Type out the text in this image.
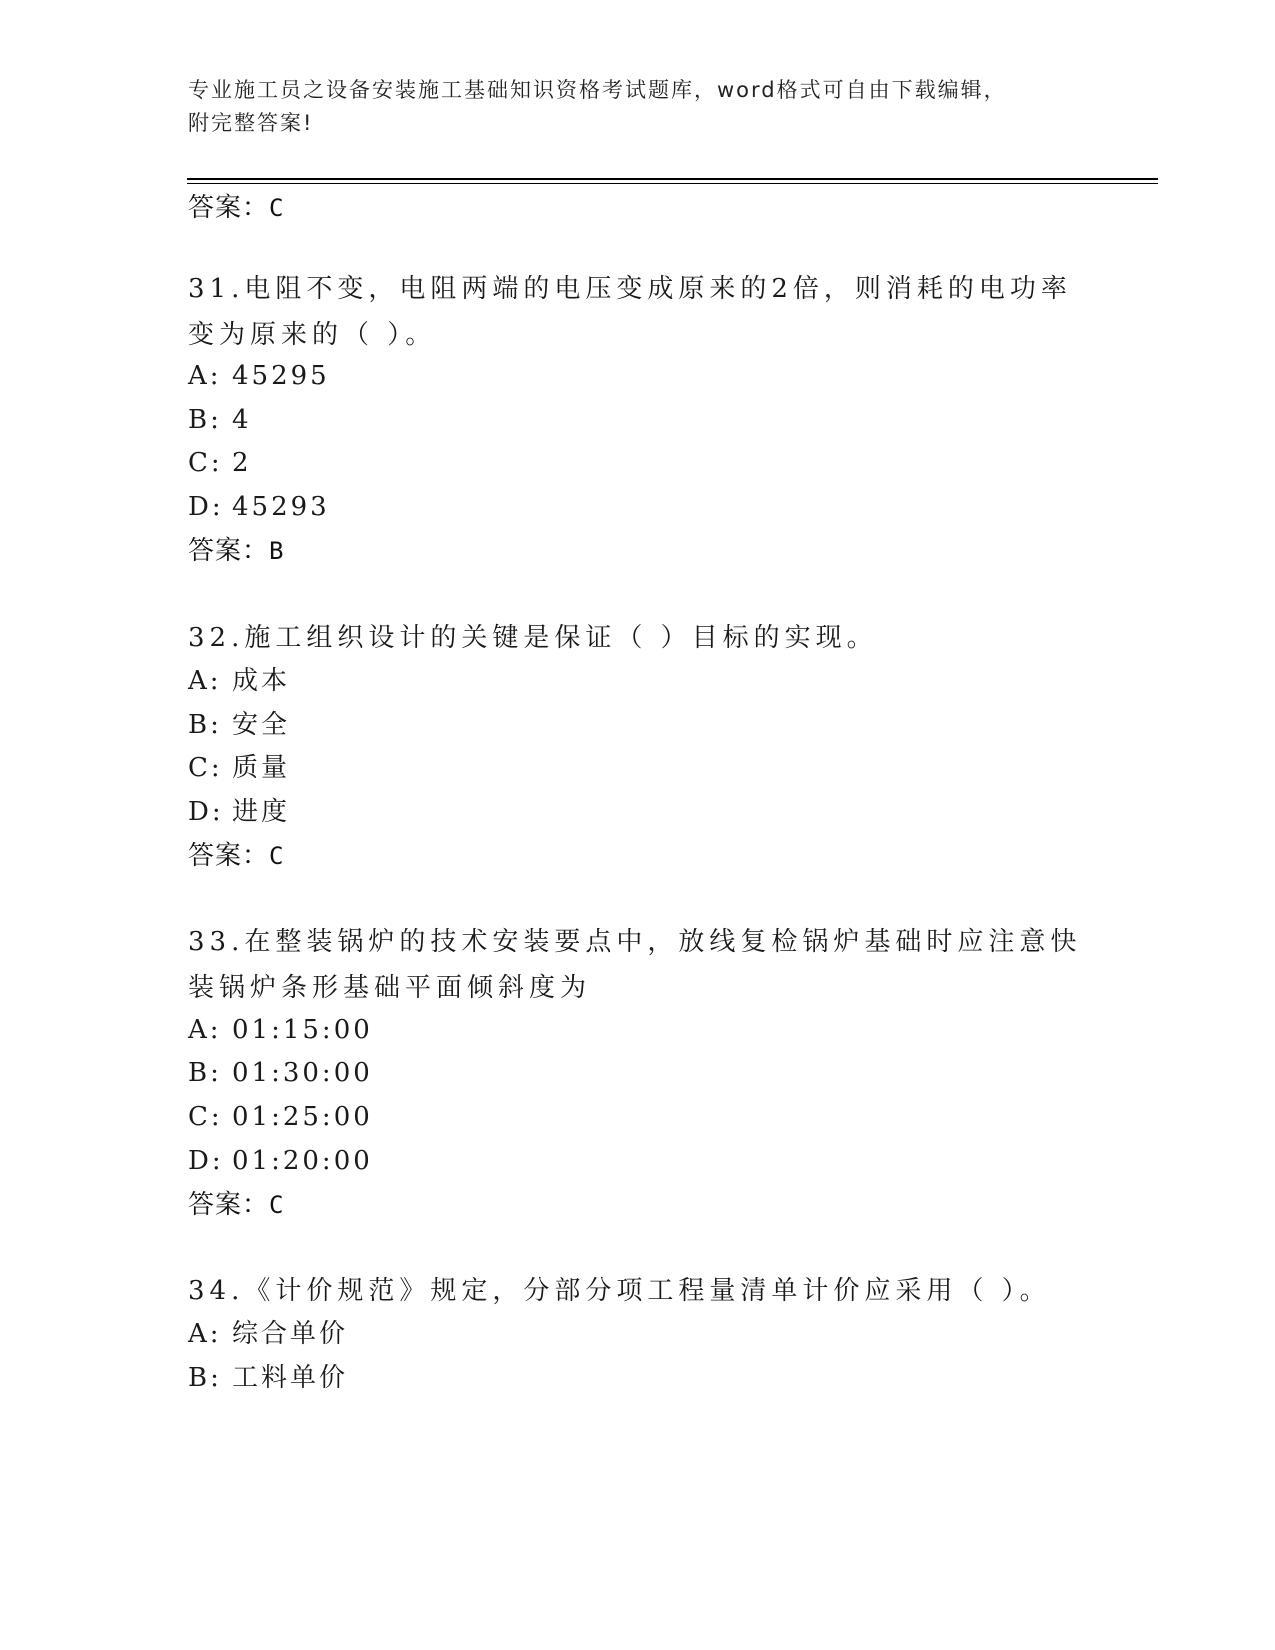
专业施工员之设备安装施工基础知识资格考试题库，word格式可自由下载编辑，
附完整答案!
答案：C
31.电阻不变，电阻两端的电压变成原来的2倍，则消耗的电功率变为原来的（ ）。
A: 45295
B: 4
C: 2
D: 45293
答案：B
32.施工组织设计的关键是保证（ ）目标的实现。
A: 成本
B: 安全
C: 质量
D: 进度
答案：C
33.在整装锅炉的技术安装要点中，放线复检锅炉基础时应注意快装锅炉条形基础平面倾斜度为
A: 01:15:00
B: 01:30:00
C: 01:25:00
D: 01:20:00
答案：C
34.《计价规范》规定，分部分项工程量清单计价应采用（ ）。
A: 综合单价
B: 工料单价
